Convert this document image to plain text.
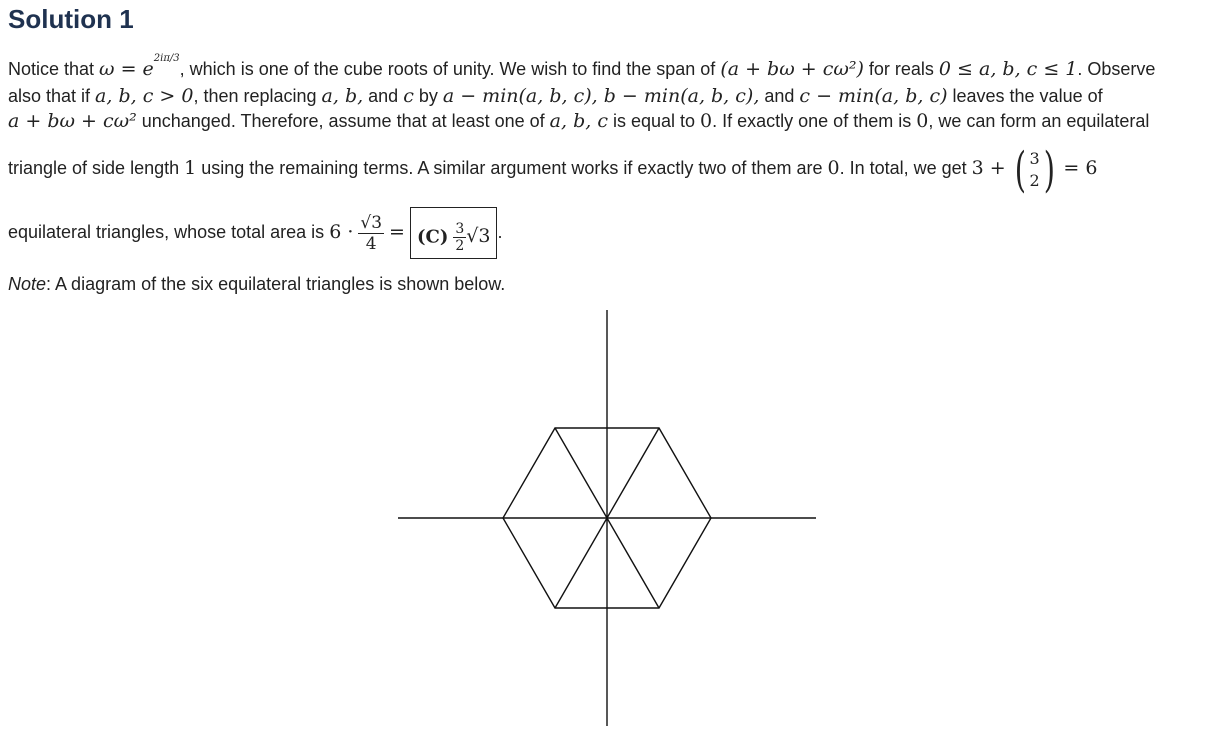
Solution 1
Notice that $\omega = e^{2i\pi/3}$, which is one of the cube roots of unity. We wish to find the span of (a + bω + cω²) for reals 0 ≤ a, b, c ≤ 1. Observe
also that if a, b, c > 0, then replacing a, b, and c by a − min(a, b, c), b − min(a, b, c), and c − min(a, b, c) leaves the value of
a + bω + cω² unchanged. Therefore, assume that at least one of a, b, c is equal to 0. If exactly one of them is 0, we can form an equilateral
triangle of side length 1 using the remaining terms. A similar argument works if exactly two of them are 0. In total, we get 3 + ( 3
2 ) = 6
equilateral triangles, whose total area is $6 \cdot \frac{√3}{4} = (C) \frac{3}{2} √3$ .
Note: A diagram of the six equilateral triangles is shown below.
